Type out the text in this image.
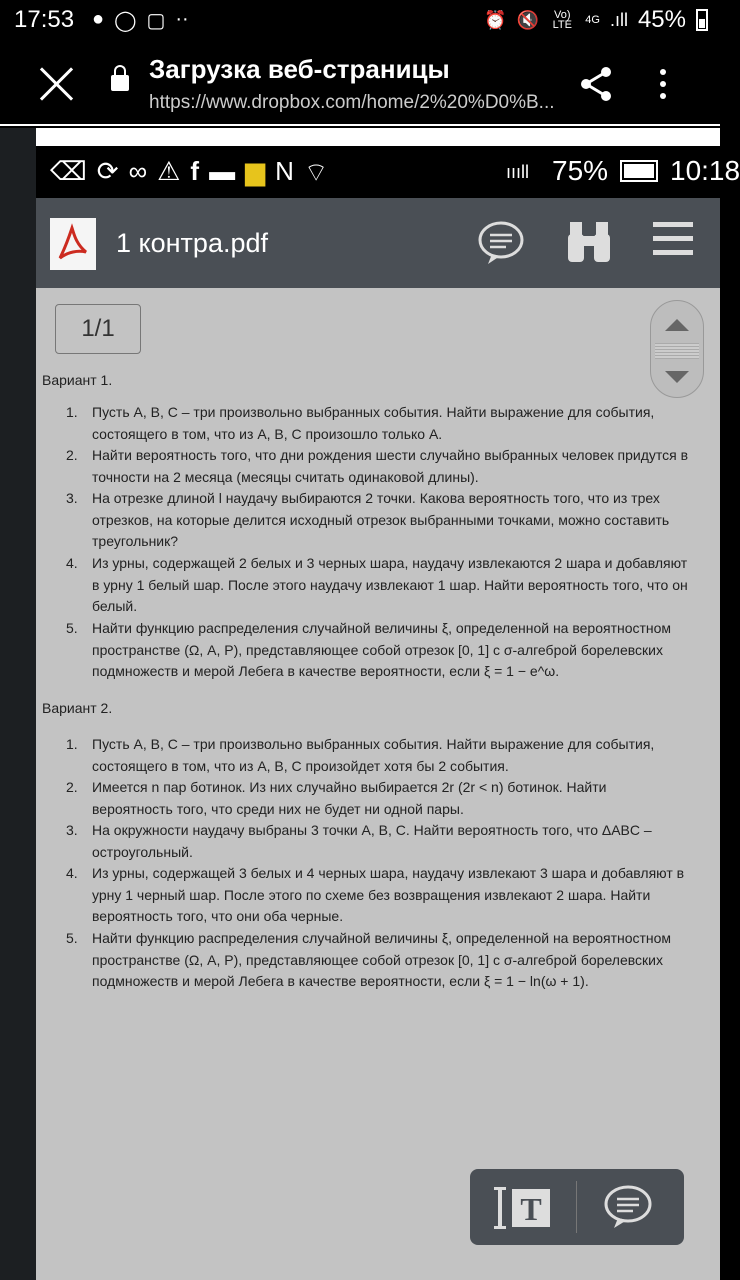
17:53 ● ◯ ▢ ··	⏰ 🔇	Vo) LTE	4G .ıll 45%
Загрузка веб-страницы
https://www.dropbox.com/home/2%20%D0%B...
⌫ ⟳ ∞ ⚠ f ▬ ▆ N ⌔	ıııll 75% 10:18
1 контра.pdf
1/1
Вариант 1.
1. Пусть A, B, C – три произвольно выбранных события. Найти выражение для события,
состоящего в том, что из A, B, C произошло только A.
2. Найти вероятность того, что дни рождения шести случайно выбранных человек придутся в
точности на 2 месяца (месяцы считать одинаковой длины).
3. На отрезке длиной l наудачу выбираются 2 точки. Какова вероятность того, что из трех
отрезков, на которые делится исходный отрезок выбранными точками, можно составить
треугольник?
4. Из урны, содержащей 2 белых и 3 черных шара, наудачу извлекаются 2 шара и добавляют
в урну 1 белый шар. После этого наудачу извлекают 1 шар. Найти вероятность того, что он
белый.
5. Найти функцию распределения случайной величины ξ, определенной на вероятностном
пространстве (Ω, A, P), представляющее собой отрезок [0, 1] с σ-алгеброй борелевских
подмножеств и мерой Лебега в качестве вероятности, если ξ = 1 − e^ω.
Вариант 2.
1. Пусть A, B, C – три произвольно выбранных события. Найти выражение для события,
состоящего в том, что из A, B, C произойдет хотя бы 2 события.
2. Имеется n пар ботинок. Из них случайно выбирается 2r (2r < n) ботинок. Найти
вероятность того, что среди них не будет ни одной пары.
3. На окружности наудачу выбраны 3 точки A, B, C. Найти вероятность того, что ΔABC –
остроугольный.
4. Из урны, содержащей 3 белых и 4 черных шара, наудачу извлекают 3 шара и добавляют в
урну 1 черный шар. После этого по схеме без возвращения извлекают 2 шара. Найти
вероятность того, что они оба черные.
5. Найти функцию распределения случайной величины ξ, определенной на вероятностном
пространстве (Ω, A, P), представляющее собой отрезок [0, 1] с σ-алгеброй борелевских
подмножеств и мерой Лебега в качестве вероятности, если ξ = 1 − ln(ω + 1).
T
